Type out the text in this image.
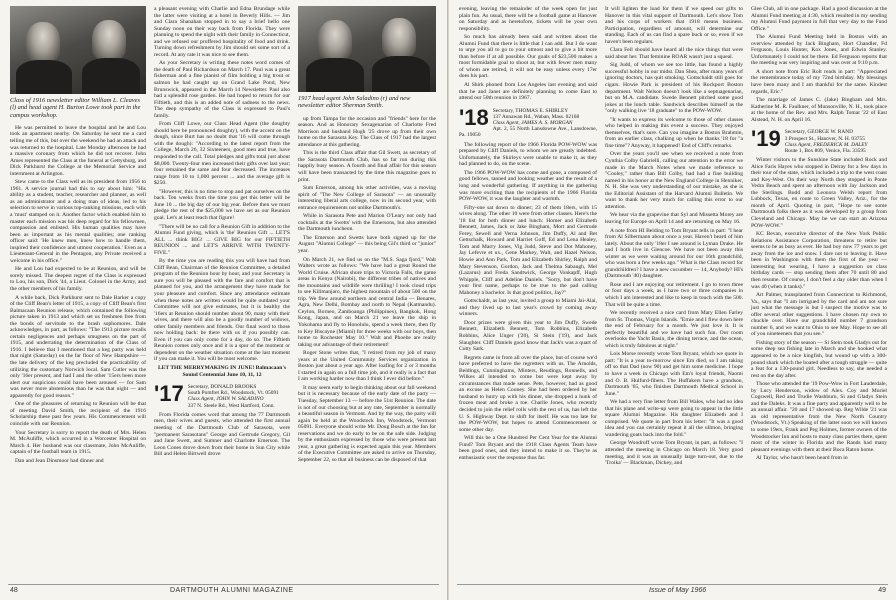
Class of 1916 newsletter editor William L. Cleaves (l) and head agent H. Burton Lowe took part in the campus workshop.

He was permitted to leave the hospital and he and Lou took an apartment nearby. On Saturday he sent me a card telling me of this, but over the weekend he had an attack and was returned to the hospital. Late Monday afternoon he had a massive coronary from which he did not recover. John Ames represented the Class at the funeral at Gettysburg, and Dick Parkhurst the College at the Memorial Service and internment at Arlington.

Stew came to the Class well as its president from 1956 to 1961. A service journal had this to say about him: "His ability as a student, teacher, researcher and planner, as well as an administrator and a doing man of ideas, led to his selection to serve in various top-ranking missions, each with a 'must' stamped on it. Another factor which enabled him to master each mission was his deep regard for his fellowmen, compassion and enlisted. His human qualities may have been as important as his mental qualities; one ranking officer said: 'He knew men, knew how to handle them, inspired their confidence and utmost cooperation.' Even as a Lieutenant-General in the Pentagon, any Private received a welcome in his office."

He and Lou had expected to be at Reunion, and will be sorely missed. The deepest regret of the Class is expressed to Lou, his son, Dick '44, a Lieut. Colonel in the Army, and the other members of his family.

A while back, Dick Parkhurst sent to Dale Barker a copy of the Cliff Bean's letter of 1915, a copy of Cliff Bean's first Balmacaan Reunion release, which contained the following picture taken in 1913 and which set us freshmen free from the bonds of servitude to the brash sophomores. Dale acknowledges, in part, as follows: "The 1913 picture recalls certain negligences and perhaps smugness on the part of 1915, and underrating the determination of the Class of 1916. I believe that I mentioned that a keg party was held that night (Saturday) on the far floor of New Hampshire — the late delivery of the keg precluded the practicability of utilizing the customary Norwich local. Sam Cutler was the only '16er present, and had I and the other '15ers been more alert our suspicions could have been aroused — for Sam was never more abstemious than he was that night — and apparently for good reason."

One of the pleasures of returning to Reunion will be that of meeting David Smith, the recipient of the 1916 Scholarship these past few years. His Commencement will coincide with our Reunion.

Your Secretary is sorry to report the death of Mrs. Helen M. McAuliffe, which occurred in a Worcester Hospital on March 4. Her husband was our classmate, John McAuliffe, captain of the football team in 1915.

Dan and Jean Dinsmoor had dinner and

a pleasant evening with Charlie and Edna Brundage while the latter were visiting at a hotel in Beverly Hills. — Jim and Clara Shanahan stopped in to say a brief hello one Sunday noon on their way back from Florida. They were planning to spend the night with their family in Connecticut, and we refused our proffered hospitality of food and drink. Turning down refreshment by Jim should set some sort of a record. At any rate it was nice to see them.

As your Secretary is writing these notes word comes of the death of Paul Richardson on March 17. Paul was a great fisherman and a fine pianist of film holding a big trout or salmon he had caught up on Grand Lake Pond, New Brunswick, appeared in the March 14 Newsletter. Paul also had a splendid rose garden. He had hoped to return for our Fiftieth, and this is an added note of sadness to the news. The deep sympathy of the Class is expressed to Paul's family.

From Cliff Lowe, our Class Head Agent (the doughty should here be pronounced doughty), with the accent on the dough, since Burt has no doubt that '16 will come through with the dough): "According to the latest report from the College, March 26, 32 Sixteeners, good men and true, have responded to the call. Total pledges and gifts total just about $8,000. Twenty-four men increased their gifts over last year; four remained the same and four decreased. The increases range from 10 to 1,000 percent ... and the average gift is $250.

"However, this is no time to stop and pat ourselves on the back. Ten weeks from the time you get this letter will be June 10 ... the big day of our big year. Before then we must pledge the rest of the $25,000 we have set as our Reunion goal. Let's at least reach that figure!

"There will be no call for a Reunion Gift in addition to the Alumni Fund giving, which is 'the' Reunion Gift ... LET'S ALL ... think BIG! ... GIVE BIG for our FIFTIETH REUNION ... and LET'S ARRIVE WITH TWENTY-FIVE."

By the time you are reading this you will have had from Cliff Bean, Chairman of the Reunion Committee, a detailed program of the Reunion hour by hour, and your Secretary is sure you will be pleased with the fare and comfort that is planned for you, and the arrangement they have made for your pleasure and comfort. Since any attendance estimate when these notes are written would be quite outdated your Committee will not give estimates, but it is healthy the '16ers at Reunion should number about 90, many with their wives, and there will also be a goodly number of widows, other family members and friends. Our final word to those now holding back: be there with us if you possibly can. Even if you can only come for a day, do so. The Fiftieth Reunion comes only once and it is a spur of the moment or dependent on the weather situation come at the last moment if you can make it. You will be most welcome.

LET THE MERRYMAKING IN JUNE! Balmacaan's Sound Centennial June 10, 11, 12

'17 Secretary, DONALD BROOKS
South Pomfret Rd., Woodstock, Vt. 05091
Class Agent, JOHN W. SALADINO
337 N. Steele Rd., West Hartford, Conn.

From Florida comes word that among the 77 Dartmouth men, their wives and guests, who attended the first annual meeting of the Dartmouth Club of Sarasota, were "permanent Sarasotans" George and Gertrude Gregory, Gil and Jane Swett, and Sumner and Charlotte Emerson. The Leon Cones drove down from their home in Sun City while Bill and Helen Birtwell drove

1917 head agent John Saladino (r) and new newsletter editor Sherman Smith.

up from Tampa for the occasion and "friends" here for the season. And as Honorary Sexagenarian of Charlotte Fred Morrison and husband Hugh '25 drove up from their own home on the Sarasota Key. The Class of 1917 had the largest attendance at this gathering.

This is the third Class affair that Gil Swett, as secretary of the Sarasota Dartmouth Club, has so far run during this happily busy season. A fourth and final affair for this season will have been transacted by the time this magazine goes to print.

Sum Emerson, among his other activities, was a moving spirit of "The New College of Sarasota" — an unusually interesting liberal arts college, now in its second year, with entrance requirements not unlike Dartmouth's.

While in Sarasota Pete and Marion O'Leary not only had cocktails at the Swetts' with the Emersons, but also attended the Dartmouth luncheon.

The Emerson and Swetts have both signed up for the August "Alumni College" — this being Gil's third or "junior" year.

On March 21, we find us on the "M.S. Saga fjord," Walt Walters wrote as follows: "We have had a great Round the World Cruise. African shore trips to Victoria Falls, the game areas in Kenya (Nairobi), the different tribes of natives and the mountains and wildlife were thrilling! I took cloud trips to see Kilimanjaro, the highest mountain of about 500 on the trip. We flew around northern and central India — Benares, Agra, New Delhi, Bombay and north to Nepal (Katmandu). Ceylon, Borneo, Zamboanga (Philippines), Bangkok, Hong Kong, Japan, and on March 21 we leave the ship in Yokohama and fly to Honolulu, spend a week there, then fly to Key Biscayne (Miami) for three weeks with our boys, then home to Rochester May 10." Walt and Phoebe are really taking our advantage of their retirement!

Roger Stone writes that, "I retired from my job of many years at the United Community Services organization in Boston just about a year ago. After loafing for 2 or 3 months I started in again on a full time job, and it really is a fact that I am working harder now than I think I ever did before."

It may seem early to begin thinking about our fall weekend but it is necessary because of the early date of the party — Tuesday, September 13 — before the 51st Reunion. The date is not of our choosing but at any rate, September is normally a beautiful season in Vermont. And by the way, the party will again be held at the Woodstock Inn, Woodstock, Vermont 05091. Everyone should write Mr. Doug Bosch at the Inn for reservations and we do early to be on the safe side. Judging by the enthusiasm expressed by those who were present last year, a great gathering is expected again this year. Members of the Executive Committee are asked to arrive on Thursday, September 22, so that all business can be disposed of that

48	DARTMOUTH ALUMNI MAGAZINE

evening, leaving the remainder of the week open for just plain fun. As usual, there will be a football game at Hanover on Saturday and as heretofore, tickets will be your own responsibility.

So much has already been said and written about the Alumni Fund that there is little that I can add. But I do want to urge you all to go to your utmost and to give a bit more than before if at all possible. Our goals of $23,500 makes a most formidable goal to shoot at, but with fewer men many of whom are retired, it will not be easy unless every 17er does his part.

Al Shirk phoned from Los Angeles last evening and said that he and Janet are definitely planning to come East to attend our 50th reunion in 1967.

'18 Secretary, THOMAS E. SHIRLEY
137 Annawan Rd., Waban, Mass. 02168
Class Agent, JAMES A. S. MORGAN
Apt. 2, 55 North Lansdowne Ave., Lansdowne, Pa. 19050

The following report of the 1966 Florida POW-WOW was prepared by Cliff Daniels, to whom we are greatly indebted. Unfortunately, the Shirleys were unable to make it, as they had planned to do, on the scene.

The 1966 POW-WOW has come and gone, a composed of good fellows, tanned and looking weather and the result of a long and wonderful gathering. If anything in the gathering was more exciting than the recipients of the 1966 Florida POW-WOW, it was the laughter and warmth.

Fifty-one sat down to dinner; 23 of them 18ers, with 15 wives along. The other 10 were from other classes. Here's the '18 list for both dinner and lunch: Homer and Elizabeth Bennett, James, Jack or Jake Bingham, Mort and Gertrude Ferey, Sewell and Verna Johnson, Jim Duffy, Al and Bet Gettschalk, Howard and Harriet Goff, Ed and Lena Healey, Tom and Marry Jones, Vig Judd, Steve and Dot Mahoney, Jay Lefevre et ux., Gene Markey, Walt, and Hazel Nelson, Howie and Ann Park, Tom and Elizabeth Shirley, Ralph and Mary Stevenson, Gordon, Jack and Thelma Sabaugh, Mel (Lazarus) and Freda Sandtwick, George Vonkapff, Hugh Whipple, Cliff and Adeline Daniels. "Sorry, but don't have your first name, perhaps to be true to the pad calling Mahoney a bachelor. Is that good politics, Jay?"

Gottschaldt, as last year, invited a group to Miami Jai-Alai, and they lived up to last year's crowd by coming away winners.

Door prizes were given this year to Jim Duffy, Swede Bennett, Elizabeth Bennett, Tom Robbins, Elizabeth Robbins, Alice Unger ('20), Si Stein ('19), and Jack Slaughter. Cliff Daniels good know that Jack's was a quart of Cutty Sark.

Regrets came in from all over the place, but of course we'd have preferred to have the regretters with us. The Arnolds, Beldings, Cunninghams, Minters, Reudings, Ronnells, and Wilkes all intended to come but were kept away by circumstances that made sense. Pete, however, had as good an excuse as Helen Cooney. She had been ordered by her husband to hurry up with his dinner, she dropped a hunk of frozen meat and broke a toe. Charlie Jones, who recently decided to join the relief rolls with the rest of us, has left the U. S. Highway Dept. to shift for itself. He was too late for the POW-WOW, but hopes to attend Commencement or some other day.

Will this be a One Hundred Per Cent Year for the Alumni Fund? Tom Bryant and the 1918 Class Agents Team have been good ones, and they intend to make it so. They're as enthusiastic over the response thus far.

It will lighten the load for them if we speed our gifts to Hanover in this vital support of Dartmouth. Let's show Tom and his corps of workers that 1918 means business. Participation, regardless of amount, will determine our standing. Each of us can find a spare buck or so, even if we haven't been regulars.

Clara Fell should have heard all the nice things that were said about her. That feminine ROAR wasn't just a squeal.

Sig Judd, of whom we see too little, has found a highly successful hobby in our midst. Dan Shea, after many years of ignoring doctors, has quit smoking. Gottschaldt still goes for cigars. Howie Park is president of his Rockport Boston department. Walt Nelson doesn't look like a septuagenarian, but on M.A. candidate. Swede Bennett pitched some good jokes at the lunch table. Sandwick describes himself as the "only walking live '18 graduate" to the POW-WOW.

"It wants to express its welcome to those of other classes who helped in making this event a success. They enjoyed themselves, that's sure. Can you imagine a Boston Brahmin, from an earlier class, chalking up when he thanks '18 for "a fine time"? Anyway, it happened! End of Cliff's remarks.

Over the years you'll see when we received a note from Cynthia Colby Gabrielli, calling our attention to the error we made in the March Notes when we made reference to "Cooley," rather than Bill Colby, had had a fine building named in his honor at the New England College in Henniker, N. H. She was very understanding of our mistake, as she is the Editorial Assistant of the Harvard Alumni Bulletin. We want to thank her very much for calling this error to our attention.

We hear via the grapevine that Syl and Missetta Morey are leaving for Europe on April 14 and are returning on May 16.

A note from HI Belding to Tom Bryant tells in part: "I hear from Al Silbermann about once a year. Haven't heard of him lately. About the only '18er I see around is Lyman Drake. He and I both live in Glencoe. We have not been away this winter as we were waiting around for our 16th grandchild, who was born a few weeks ago." What is the Class record for grandchildren? I have a new cucumber — 14, Anybody? HI's (Dartmouth '40) daughter.

Rose and I are enjoying our retirement. I go to town three or four days a week, as I have two or three companies in which I am interested and like to keep in touch with the 500. That will be quite a time.

We recently received a nice card from Mary Ellen Farley from St. Thomas, Virgin Islands. "Ernie and I flew down here the end of February for a month. We just love it. It is perfectly beautiful and we have had such fun. Our room overlooks the Yacht Basin, the dining terrace, and the ocean, which is truly fabulous at night."

Lois Morse recently wrote Tom Bryant, which we quote in part: "It is a year to-morrow since Em died, so I am taking off so that Dad (now 90) and get him some medicine. I hope to have a week in Chicago with Em's loyal friends, Naomi and O. B. Hulfurd-fibers. The Huffakers have a grandson, Dartmouth '65, who finishes Dartmouth Medical School in June."

We had a very fine letter from Bill Wales, who had no idea that his plane and write-up were going to appear in the little square Alumni Magazine. His daughter Elizabeth and I comprised. We quote in part from his letter: "It was a good idea and you can certainly repeat it all the ullmon, bringing wandering goats back into the fold."

George Woodruff wrote Tom Bryant, in part, as follows: "I attended the meeting in Chicago on March 18. Very good meeting, and it was an unusually large turn-out, due to the 'Troika' — Blackman, Dickey, and

Glee Club, all in one package. Had a good discussion at the Alumni Fund meeting at 4:30, which resulted in my sending my Alumni Fund payment in full that very day to the Fund Office."

The Alumni Fund Meeting held in Boston with an overview attended by Jack Bingham, Hort Chandler, Fd Ferguson, Louis Hunter, Kox Jones, and Edwin Stanley. Unfortunately I could not be there. Ed Ferguson reports that the meeting was very inspiring and was over at 9:10 p.m.

A short note from Eric Rolt reads in part: "Appreciated the remembrance today of my 72nd birthday. My blessings have been many and I am thankful for the same. Kindest regards, Eric."

The marriage of James C. (Jake) Bingham and Mrs. Katherine M. R. Faulkner, of Munsonville, N. H., took place at the home of the Rev. and Mrs. Ralph Tomar '22 of East Alstead, N. H. on April 16.

'19 Secretary, GEORGE W. RAND
3 Prospect St., Hanover, N. H. 03755
Class Agent, FREDERICK M. DALEY
Route 1, Box 809, Venice, Fla. 33595

Winter visitors to the Sunshine State included Rock and Alice Faris Hayes who stopped in Delray for a few days in their tour of the state, which included a trip to the west coast and Key-West. On their way North they stopped in Ponte Vedra Beach and spent an afternoon with Jay Jackson and the Sterlings. Budd and Leonora Welsh report from Lubbock, Texas, en route to Green Valley, Ariz., for the month of April. Quoting in part, "Hope to see some Dartmouth folks there as it was developed by a group from Cleveland and Chicago. May be we can start an Arizona POW-WOW."

KC Bevan, executive director of the New York Public Relations Assistance Corporation, threatens to retire but seems to be as busy as ever. He had boy now 77 years to get away from the ice and snow. I dare not to leaving it. Have been in Washington with them the first of the year — interesting but wearing, I have a suggestion on class birthday cards — stop sending them after 70 until 80 and then resume. Of course, I don't feel a day older than when I was 40 (when it tanks)."

Art Palmer, transplanted from Connecticut to Richmond, Va., says that "I am intrigued by the card and am not sure just what the message is but I suspect the motive was to offer several other suggestions. I have chosen my own to chuckle over. Have our grandchild number 7 grandson number 6, and we want to Ohio to see May. Hope to see all of you nineteeners that you see."

Fishing story of the season — Si Stein took Gladys out for some deep sea fishing late in March and she hooked what appeared to be a nice kingfish, but wound up with a 300-pound shark which the boated after a tough struggle — quite a feat for a 130-pound girl. Needless to say, she needed a rest on the day after.

Those who attended the '19 Pow-Wow in Fort Lauderdale, by Lucy Henderson, widow of Alex. Coy and Muriel Cogswell, Red and Trudie Washburn, Si and Gladys Stein and the Daleks. It was a fine party and apparently well to be an annual affair. "20 and 17 showed up. Reg Wilde '21 was an old representative from the New North Country (Woodstock, Vt.) Speaking of the latter soon we will known to some 19ers, Frank and Peg Holmes, former owners of the Woodstocker Inn and hosts to many class parties there, spent most of the winter in Florida and the Rands had many pleasant evenings with them at their Boca Raton home.

Al Taylor, who hasn't been heard from in

Issue of May 1966	49
